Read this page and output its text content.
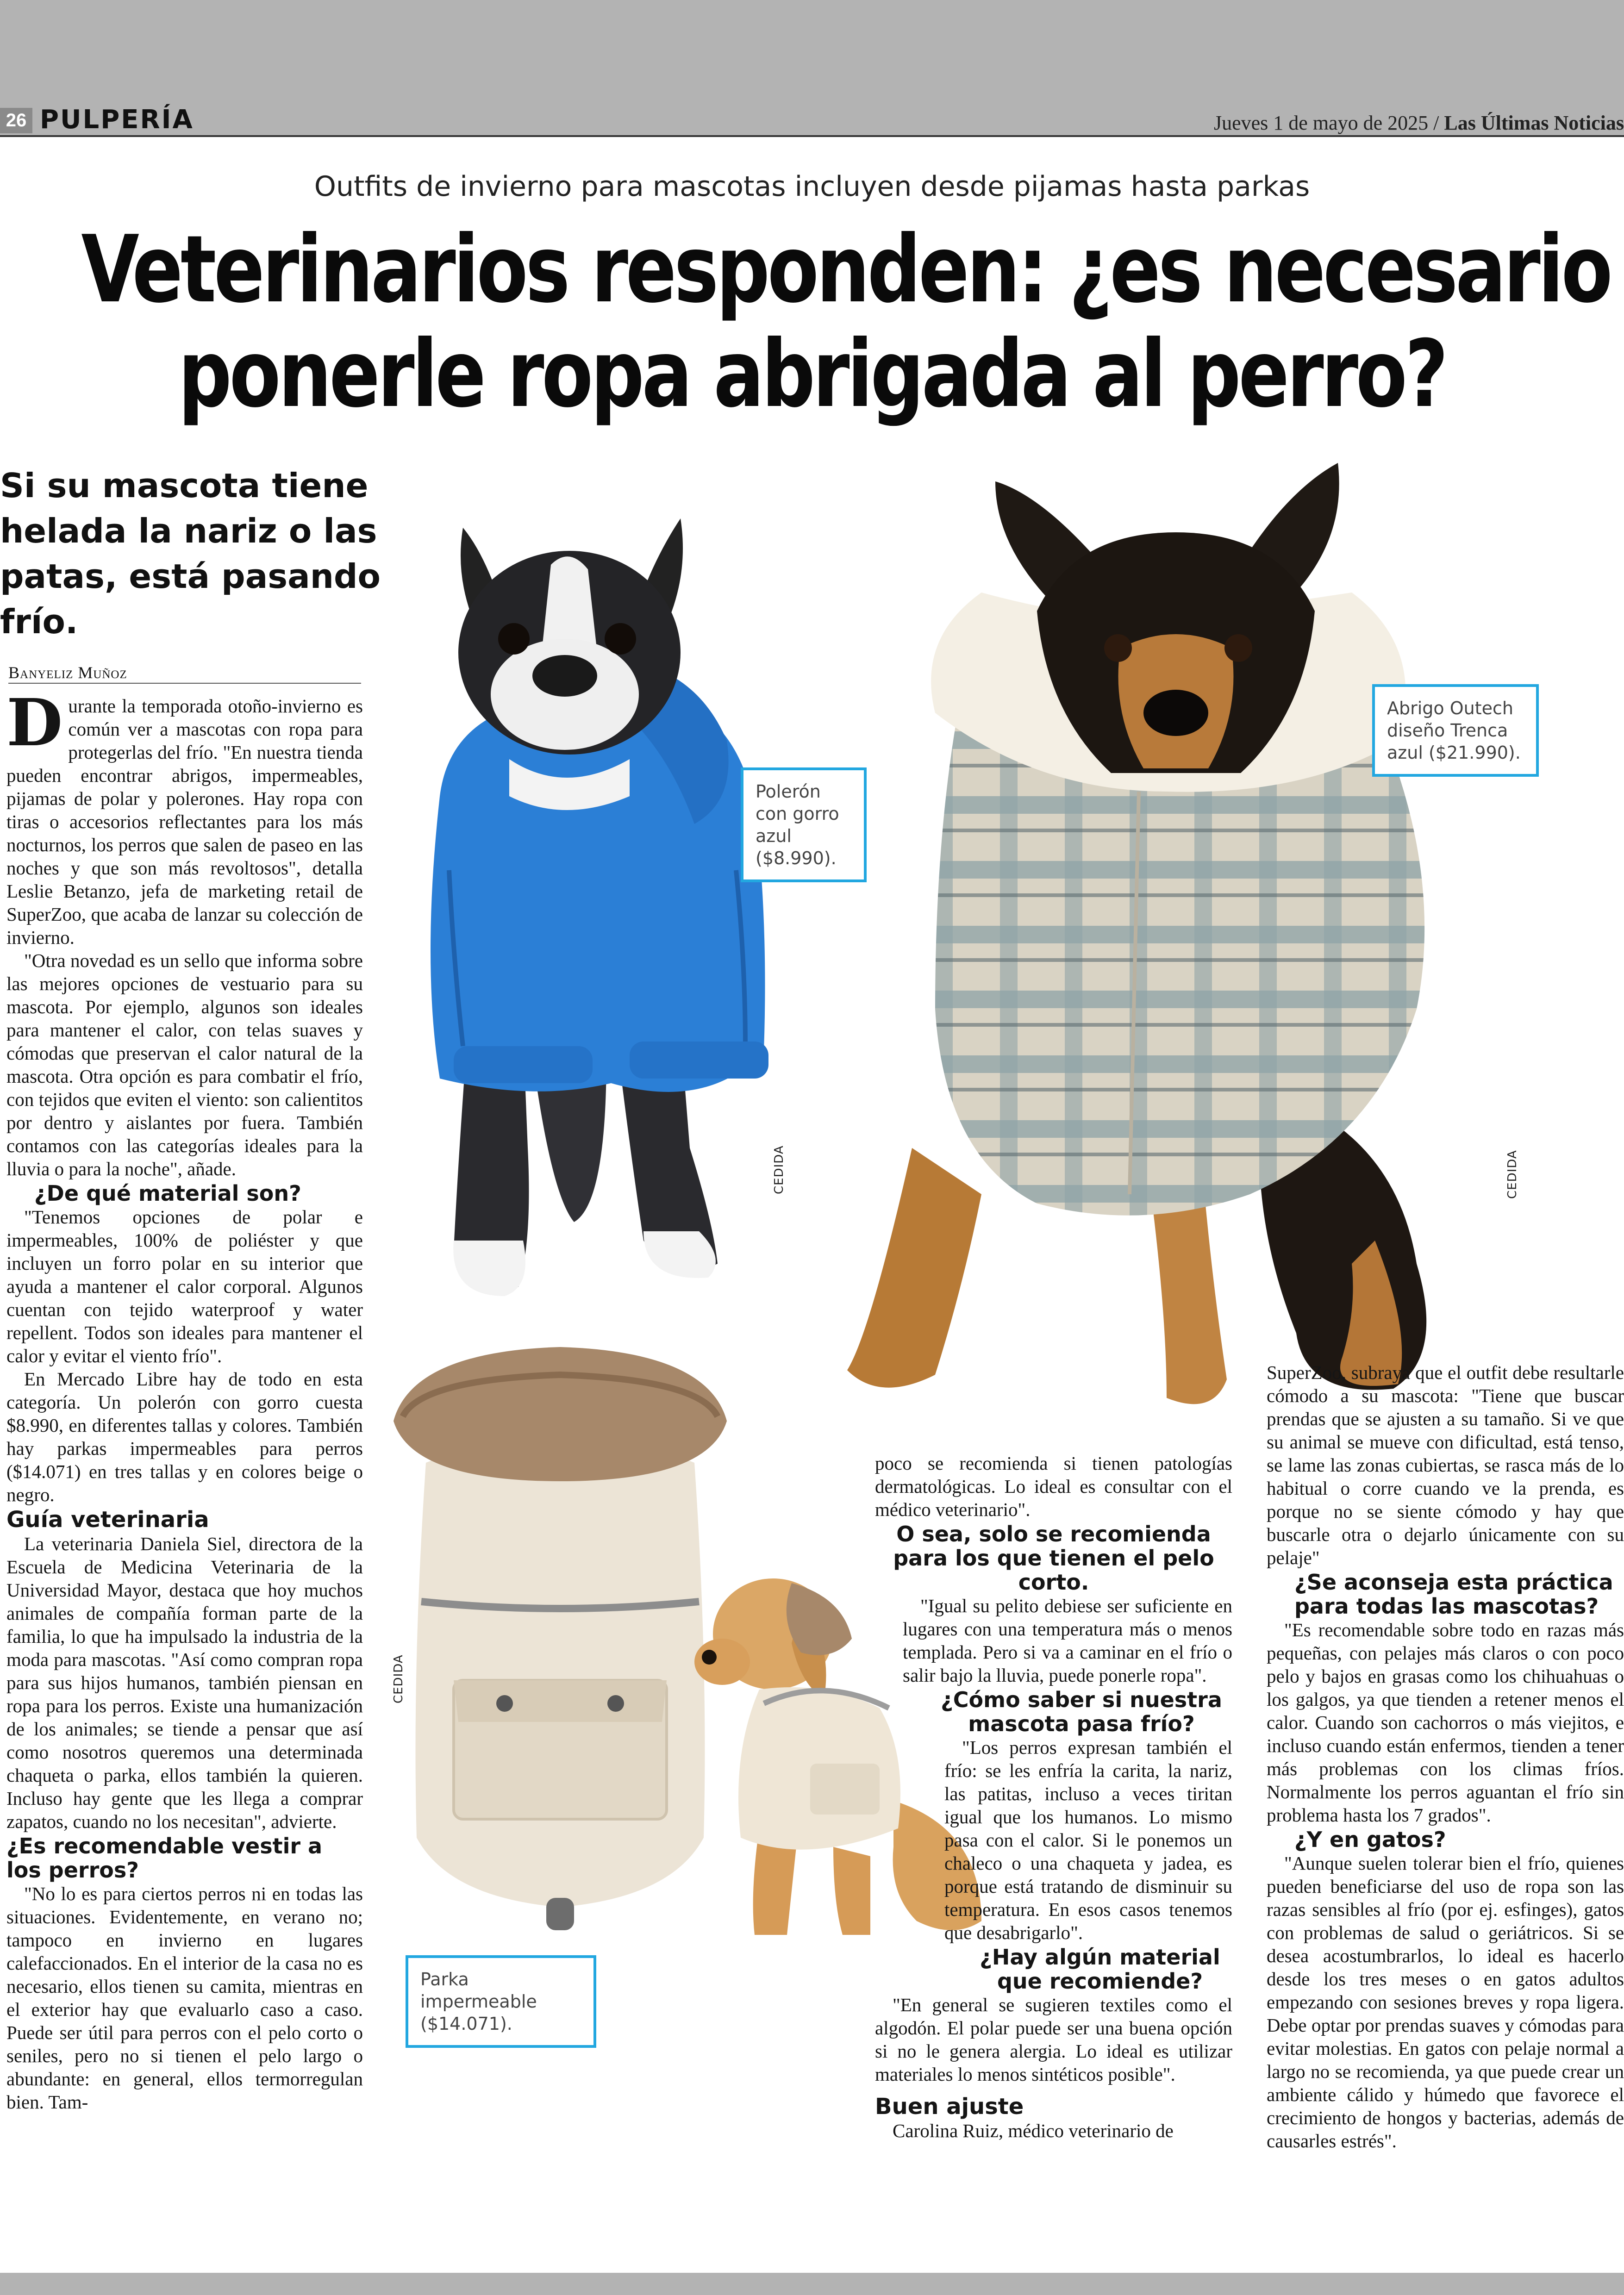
26 PULPERÍA	Jueves 1 de mayo de 2025 / Las Últimas Noticias
Outfits de invierno para mascotas incluyen desde pijamas hasta parkas
Veterinarios responden: ¿es necesario
ponerle ropa abrigada al perro?
Si su mascota tiene helada la nariz o las patas, está pasando frío.
Banyeliz Muñoz
CEDIDA	CEDIDA
CEDIDA
Polerón con gorro azul ($8.990).
Abrigo Outech diseño Trenca azul ($21.990).
Parka impermeable ($14.071).

Durante la temporada otoño-invierno es común ver a mascotas con ropa para protegerlas del frío. "En nuestra tienda pueden encontrar abrigos, impermeables, pijamas de polar y polerones. Hay ropa con tiras o accesorios reflectantes para los más nocturnos, los perros que salen de paseo en las noches y que son más revoltosos", detalla Leslie Betanzo, jefa de marketing retail de SuperZoo, que acaba de lanzar su colección de invierno.

"Otra novedad es un sello que informa sobre las mejores opciones de vestuario para su mascota. Por ejemplo, algunos son ideales para mantener el calor, con telas suaves y cómodas que preservan el calor natural de la mascota. Otra opción es para combatir el frío, con tejidos que eviten el viento: son calientitos por dentro y aislantes por fuera. También contamos con las categorías ideales para la lluvia o para la noche", añade.

¿De qué material son?

"Tenemos opciones de polar e impermeables, 100% de poliéster y que incluyen un forro polar en su interior que ayuda a mantener el calor corporal. Algunos cuentan con tejido waterproof y water repellent. Todos son ideales para mantener el calor y evitar el viento frío".

En Mercado Libre hay de todo en esta categoría. Un polerón con gorro cuesta $8.990, en diferentes tallas y colores. También hay parkas impermeables para perros ($14.071) en tres tallas y en colores beige o negro.

Guía veterinaria

La veterinaria Daniela Siel, directora de la Escuela de Medicina Veterinaria de la Universidad Mayor, destaca que hoy muchos animales de compañía forman parte de la familia, lo que ha impulsado la industria de la moda para mascotas. "Así como compran ropa para sus hijos humanos, también piensan en ropa para los perros. Existe una humanización de los animales; se tiende a pensar que así como nosotros queremos una determinada chaqueta o parka, ellos también la quieren. Incluso hay gente que les llega a comprar zapatos, cuando no los necesitan", advierte.

¿Es recomendable vestir a los perros?

"No lo es para ciertos perros ni en todas las situaciones. Evidentemente, en verano no; tampoco en invierno en lugares calefaccionados. En el interior de la casa no es necesario, ellos tienen su camita, mientras en el exterior hay que evaluarlo caso a caso. Puede ser útil para perros con el pelo corto o seniles, pero no si tienen el pelo largo o abundante: en general, ellos termorregulan bien. Tam-

poco se recomienda si tienen patologías dermatológicas. Lo ideal es consultar con el médico veterinario".

O sea, solo se recomienda para los que tienen el pelo corto.

"Igual su pelito debiese ser suficiente en lugares con una temperatura más o menos templada. Pero si va a caminar en el frío o salir bajo la lluvia, puede ponerle ropa".

¿Cómo saber si nuestra mascota pasa frío?

"Los perros expresan también el frío: se les enfría la carita, la nariz, las patitas, incluso a veces tiritan igual que los humanos. Lo mismo pasa con el calor. Si le ponemos un chaleco o una chaqueta y jadea, es porque está tratando de disminuir su temperatura. En esos casos tenemos que desabrigarlo".

¿Hay algún material que recomiende?

"En general se sugieren textiles como el algodón. El polar puede ser una buena opción si no le genera alergia. Lo ideal es utilizar materiales lo menos sintéticos posible".

Buen ajuste

Carolina Ruiz, médico veterinario de

SuperZoo, subraya que el outfit debe resultarle cómodo a su mascota: "Tiene que buscar prendas que se ajusten a su tamaño. Si ve que su animal se mueve con dificultad, está tenso, se lame las zonas cubiertas, se rasca más de lo habitual o corre cuando ve la prenda, es porque no se siente cómodo y hay que buscarle otra o dejarlo únicamente con su pelaje"

¿Se aconseja esta práctica para todas las mascotas?

"Es recomendable sobre todo en razas más pequeñas, con pelajes más claros o con poco pelo y bajos en grasas como los chihuahuas o los galgos, ya que tienden a retener menos el calor. Cuando son cachorros o más viejitos, e incluso cuando están enfermos, tienden a tener más problemas con los climas fríos. Normalmente los perros aguantan el frío sin problema hasta los 7 grados".

¿Y en gatos?

"Aunque suelen tolerar bien el frío, quienes pueden beneficiarse del uso de ropa son las razas sensibles al frío (por ej. esfinges), gatos con problemas de salud o geriátricos. Si se desea acostumbrarlos, lo ideal es hacerlo desde los tres meses o en gatos adultos empezando con sesiones breves y ropa ligera. Debe optar por prendas suaves y cómodas para evitar molestias. En gatos con pelaje normal a largo no se recomienda, ya que puede crear un ambiente cálido y húmedo que favorece el crecimiento de hongos y bacterias, además de causarles estrés".
